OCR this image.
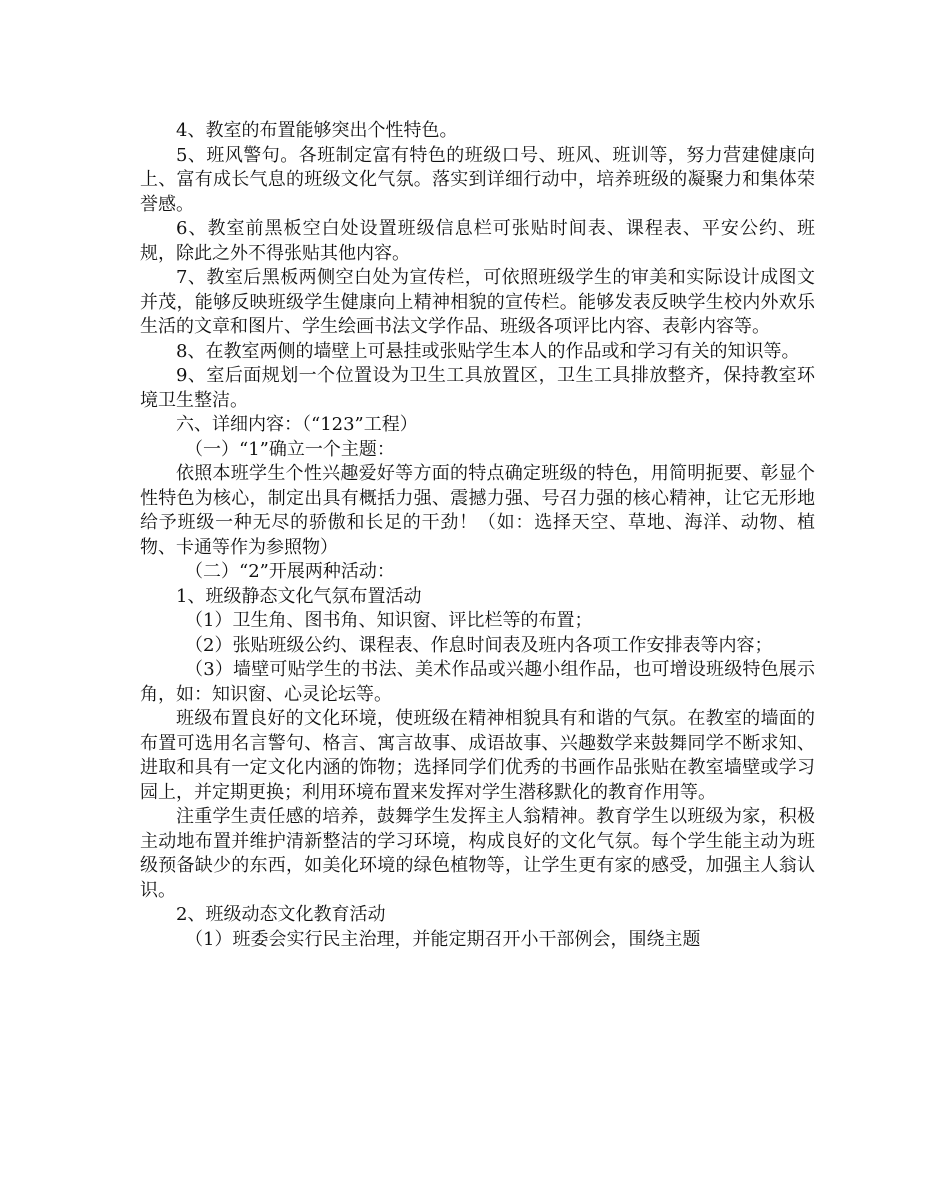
4、教室的布置能够突出个性特色。

5、班风警句。各班制定富有特色的班级口号、班风、班训等，努力营建健康向上、富有成长气息的班级文化气氛。落实到详细行动中，培养班级的凝聚力和集体荣誉感。

6、教室前黑板空白处设置班级信息栏可张贴时间表、课程表、平安公约、班规，除此之外不得张贴其他内容。

7、教室后黑板两侧空白处为宣传栏，可依照班级学生的审美和实际设计成图文并茂，能够反映班级学生健康向上精神相貌的宣传栏。能够发表反映学生校内外欢乐生活的文章和图片、学生绘画书法文学作品、班级各项评比内容、表彰内容等。

8、在教室两侧的墙壁上可悬挂或张贴学生本人的作品或和学习有关的知识等。

9、室后面规划一个位置设为卫生工具放置区，卫生工具排放整齐，保持教室环境卫生整洁。

六、详细内容：（“123”工程）

（一）“1”确立一个主题：

依照本班学生个性兴趣爱好等方面的特点确定班级的特色，用简明扼要、彰显个性特色为核心，制定出具有概括力强、震撼力强、号召力强的核心精神，让它无形地给予班级一种无尽的骄傲和长足的干劲！（如：选择天空、草地、海洋、动物、植物、卡通等作为参照物）

（二）“2”开展两种活动：

1、班级静态文化气氛布置活动

（1）卫生角、图书角、知识窗、评比栏等的布置；

（2）张贴班级公约、课程表、作息时间表及班内各项工作安排表等内容；

（3）墙壁可贴学生的书法、美术作品或兴趣小组作品，也可增设班级特色展示角，如：知识窗、心灵论坛等。

班级布置良好的文化环境，使班级在精神相貌具有和谐的气氛。在教室的墙面的布置可选用名言警句、格言、寓言故事、成语故事、兴趣数学来鼓舞同学不断求知、进取和具有一定文化内涵的饰物；选择同学们优秀的书画作品张贴在教室墙壁或学习园上，并定期更换；利用环境布置来发挥对学生潜移默化的教育作用等。

注重学生责任感的培养，鼓舞学生发挥主人翁精神。教育学生以班级为家，积极主动地布置并维护清新整洁的学习环境，构成良好的文化气氛。每个学生能主动为班级预备缺少的东西，如美化环境的绿色植物等，让学生更有家的感受，加强主人翁认识。

2、班级动态文化教育活动

（1）班委会实行民主治理，并能定期召开小干部例会，围绕主题
